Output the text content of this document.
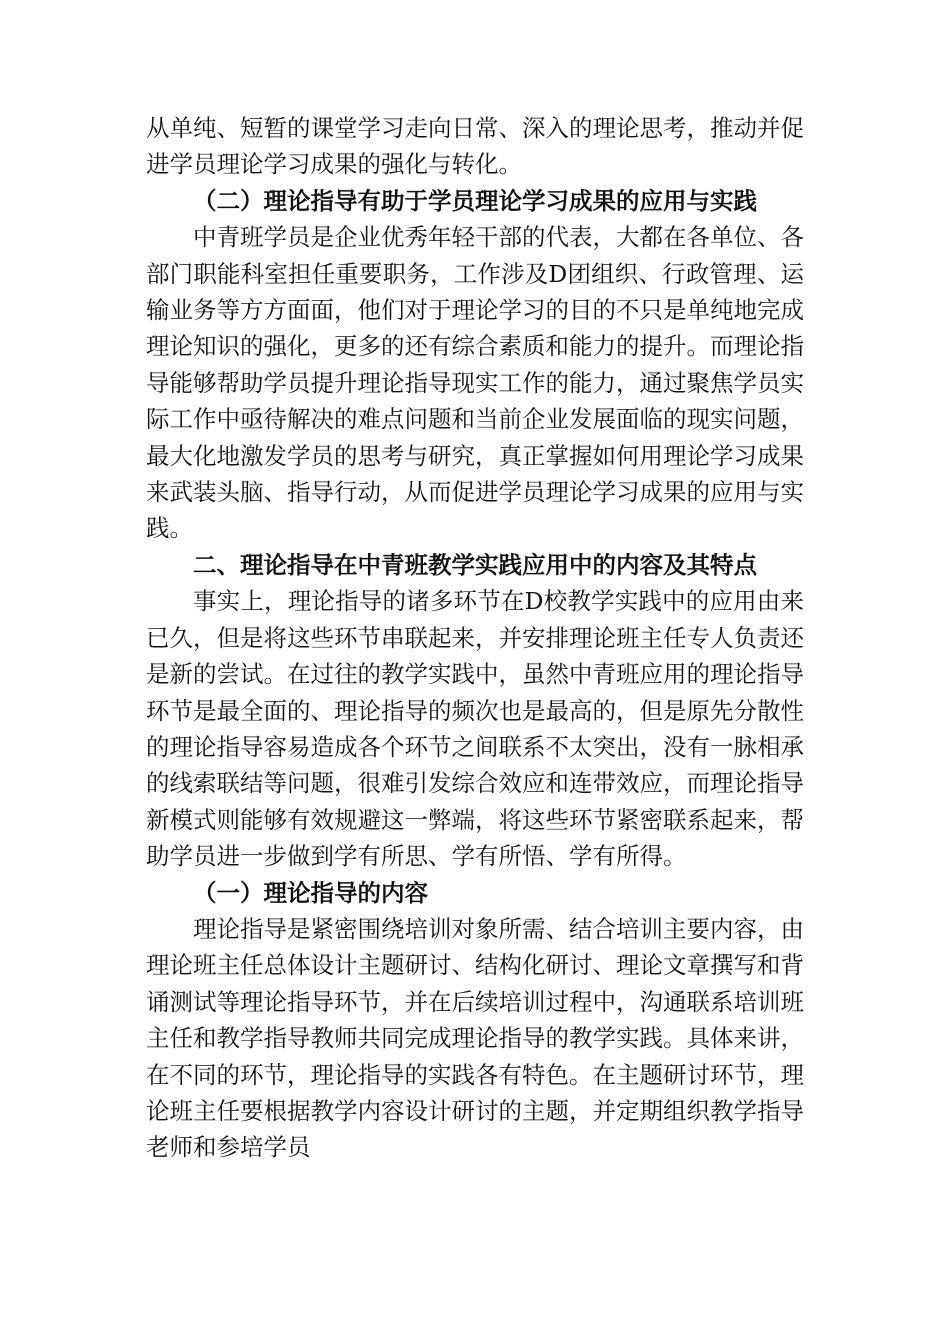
从单纯、短暂的课堂学习走向日常、深入的理论思考，推动并促进学员理论学习成果的强化与转化。

（二）理论指导有助于学员理论学习成果的应用与实践

中青班学员是企业优秀年轻干部的代表，大都在各单位、各部门职能科室担任重要职务，工作涉及D团组织、行政管理、运输业务等方方面面，他们对于理论学习的目的不只是单纯地完成理论知识的强化，更多的还有综合素质和能力的提升。而理论指导能够帮助学员提升理论指导现实工作的能力，通过聚焦学员实际工作中亟待解决的难点问题和当前企业发展面临的现实问题，最大化地激发学员的思考与研究，真正掌握如何用理论学习成果来武装头脑、指导行动，从而促进学员理论学习成果的应用与实践。

二、理论指导在中青班教学实践应用中的内容及其特点

事实上，理论指导的诸多环节在D校教学实践中的应用由来已久，但是将这些环节串联起来，并安排理论班主任专人负责还是新的尝试。在过往的教学实践中，虽然中青班应用的理论指导环节是最全面的、理论指导的频次也是最高的，但是原先分散性的理论指导容易造成各个环节之间联系不太突出，没有一脉相承的线索联结等问题，很难引发综合效应和连带效应，而理论指导新模式则能够有效规避这一弊端，将这些环节紧密联系起来，帮助学员进一步做到学有所思、学有所悟、学有所得。

（一）理论指导的内容

理论指导是紧密围绕培训对象所需、结合培训主要内容，由理论班主任总体设计主题研讨、结构化研讨、理论文章撰写和背诵测试等理论指导环节，并在后续培训过程中，沟通联系培训班主任和教学指导教师共同完成理论指导的教学实践。具体来讲，在不同的环节，理论指导的实践各有特色。在主题研讨环节，理论班主任要根据教学内容设计研讨的主题，并定期组织教学指导老师和参培学员
